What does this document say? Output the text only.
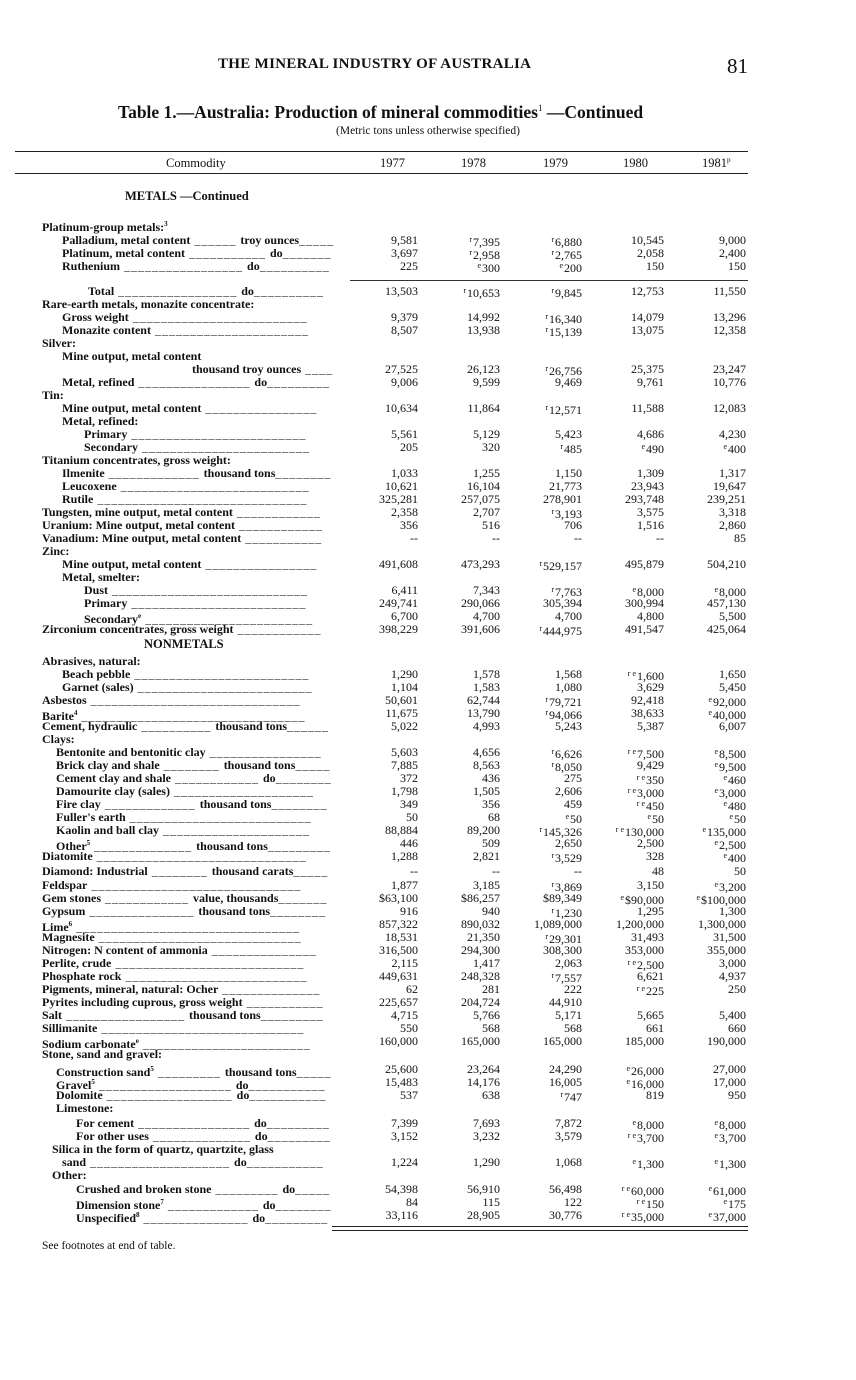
THE MINERAL INDUSTRY OF AUSTRALIA	81
Table 1.—Australia: Production of mineral commodities$^1$ —Continued
(Metric tons unless otherwise specified)
Commodity	1977	1978	1979	1980	1981$^p$
METALS —Continued
Platinum-group metals:$^3$
Palladium, metal content ______ troy ounces_____	9,581	$^r$7,395	$^r$6,880	10,545	9,000
Platinum, metal content ___________ do_______	3,697	$^r$2,958	$^r$2,765	2,058	2,400
Ruthenium _________________ do__________	225	$^e$300	$^e$200	150	150
Total _________________ do__________	13,503	$^r$10,653	$^r$9,845	12,753	11,550
Rare-earth metals, monazite concentrate:
Gross weight _________________________	9,379	14,992	$^r$16,340	14,079	13,296
Monazite content ______________________	8,507	13,938	$^r$15,139	13,075	12,358
Silver:
Mine output, metal content
thousand troy ounces ____	27,525	26,123	$^r$26,756	25,375	23,247
Metal, refined ________________ do_________	9,006	9,599	9,469	9,761	10,776
Tin:
Mine output, metal content ________________	10,634	11,864	$^r$12,571	11,588	12,083
Metal, refined:
Primary _________________________	5,561	5,129	5,423	4,686	4,230
Secondary ________________________	205	320	$^r$485	$^e$490	$^e$400
Titanium concentrates, gross weight:
Ilmenite _____________ thousand tons________	1,033	1,255	1,150	1,309	1,317
Leucoxene ___________________________	10,621	16,104	21,773	23,943	19,647
Rutile ______________________________	325,281	257,075	278,901	293,748	239,251
Tungsten, mine output, metal content ____________	2,358	2,707	$^r$3,193	3,575	3,318
Uranium: Mine output, metal content ____________	356	516	706	1,516	2,860
Vanadium: Mine output, metal content ___________	--	--	--	--	85
Zinc:
Mine output, metal content ________________	491,608	473,293	$^r$529,157	495,879	504,210
Metal, smelter:
Dust ____________________________	6,411	7,343	$^r$7,763	$^e$8,000	$^e$8,000
Primary _________________________	249,741	290,066	305,394	300,994	457,130
Secondary$^e$ ________________________	6,700	4,700	4,700	4,800	5,500
Zirconium concentrates, gross weight ____________	398,229	391,606	$^r$444,975	491,547	425,064
NONMETALS
Abrasives, natural:
Beach pebble _________________________	1,290	1,578	1,568	$^{r e}$1,600	1,650
Garnet (sales) _________________________	1,104	1,583	1,080	3,629	5,450
Asbestos ______________________________	50,601	62,744	$^r$79,721	92,418	$^e$92,000
Barite$^4$ ________________________________	11,675	13,790	$^r$94,066	38,633	$^e$40,000
Cement, hydraulic __________ thousand tons______	5,022	4,993	5,243	5,387	6,007
Clays:
Bentonite and bentonitic clay ________________	5,603	4,656	$^r$6,626	$^{r e}$7,500	$^e$8,500
Brick clay and shale ________ thousand tons_____	7,885	8,563	$^r$8,050	9,429	$^e$9,500
Cement clay and shale ____________ do________	372	436	275	$^{r e}$350	$^e$460
Damourite clay (sales) ____________________	1,798	1,505	2,606	$^{r e}$3,000	$^e$3,000
Fire clay _____________ thousand tons________	349	356	459	$^{r e}$450	$^e$480
Fuller's earth __________________________	50	68	$^e$50	$^e$50	$^e$50
Kaolin and ball clay _____________________	88,884	89,200	$^r$145,326	$^{r e}$130,000	$^e$135,000
Other$^5$ ______________ thousand tons_________	446	509	2,650	2,500	$^e$2,500
Diatomite ______________________________	1,288	2,821	$^r$3,529	328	$^e$400
Diamond: Industrial ________ thousand carats_____	--	--	--	48	50
Feldspar ______________________________	1,877	3,185	$^r$3,869	3,150	$^e$3,200
Gem stones ____________ value, thousands_______	$63,100	$86,257	$89,349	$^e$\$90,000	$^e$\$100,000
Gypsum _______________ thousand tons________	916	940	$^r$1,230	1,295	1,300
Lime$^6$ ________________________________	857,322	890,032	1,089,000	1,200,000	1,300,000
Magnesite _____________________________	18,531	21,350	$^r$29,301	31,493	31,500
Nitrogen: N content of ammonia _______________	316,500	294,300	308,300	353,000	355,000
Perlite, crude ___________________________	2,115	1,417	2,063	$^{r e}$2,500	3,000
Phosphate rock __________________________	449,631	248,328	$^r$7,557	6,621	4,937
Pigments, mineral, natural: Ocher ______________	62	281	222	$^{r e}$225	250
Pyrites including cuprous, gross weight ___________	225,657	204,724	44,910
Salt _________________ thousand tons_________	4,715	5,766	5,171	5,665	5,400
Sillimanite _____________________________	550	568	568	661	660
Sodium carbonate$^e$ ________________________	160,000	165,000	165,000	185,000	190,000
Stone, sand and gravel:
Construction sand$^5$ _________ thousand tons_____	25,600	23,264	24,290	$^e$26,000	27,000
Gravel$^5$ ___________________ do___________	15,483	14,176	16,005	$^e$16,000	17,000
Dolomite __________________ do___________	537	638	$^r$747	819	950
Limestone:
For cement ________________ do_________	7,399	7,693	7,872	$^e$8,000	$^e$8,000
For other uses ______________ do_________	3,152	3,232	3,579	$^{r e}$3,700	$^e$3,700
Silica in the form of quartz, quartzite, glass
sand ____________________ do___________	1,224	1,290	1,068	$^e$1,300	$^e$1,300
Other:
Crushed and broken stone _________ do_____	54,398	56,910	56,498	$^{r e}$60,000	$^e$61,000
Dimension stone$^7$ _____________ do________	84	115	122	$^{r e}$150	$^e$175
Unspecified$^8$ _______________ do_________	33,116	28,905	30,776	$^{r e}$35,000	$^e$37,000
See footnotes at end of table.
